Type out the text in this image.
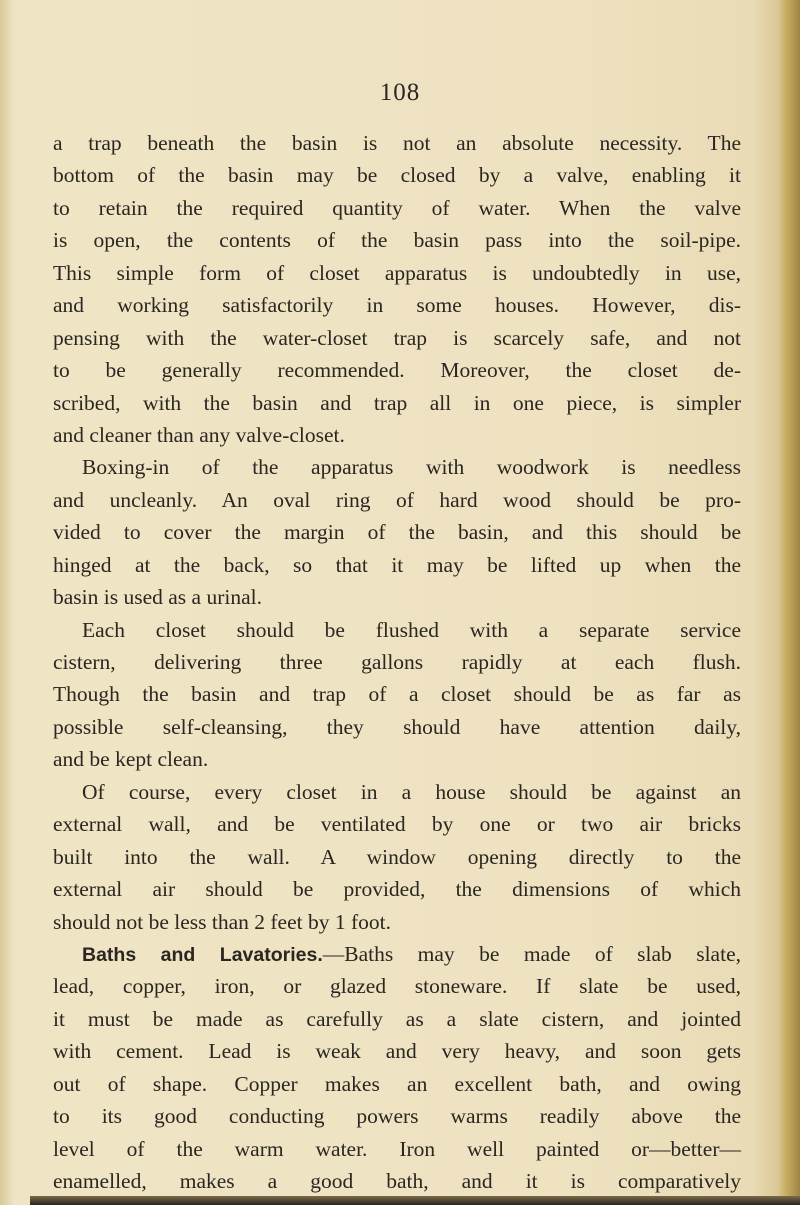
108
a trap beneath the basin is not an absolute necessity. The
bottom of the basin may be closed by a valve, enabling it
to retain the required quantity of water. When the valve
is open, the contents of the basin pass into the soil-pipe.
This simple form of closet apparatus is undoubtedly in use,
and working satisfactorily in some houses. However, dis-
pensing with the water-closet trap is scarcely safe, and not
to be generally recommended. Moreover, the closet de-
scribed, with the basin and trap all in one piece, is simpler
and cleaner than any valve-closet.
Boxing-in of the apparatus with woodwork is needless
and uncleanly. An oval ring of hard wood should be pro-
vided to cover the margin of the basin, and this should be
hinged at the back, so that it may be lifted up when the
basin is used as a urinal.
Each closet should be flushed with a separate service
cistern, delivering three gallons rapidly at each flush.
Though the basin and trap of a closet should be as far as
possible self-cleansing, they should have attention daily,
and be kept clean.
Of course, every closet in a house should be against an
external wall, and be ventilated by one or two air bricks
built into the wall. A window opening directly to the
external air should be provided, the dimensions of which
should not be less than 2 feet by 1 foot.
Baths and Lavatories.—Baths may be made of slab slate,
lead, copper, iron, or glazed stoneware. If slate be used,
it must be made as carefully as a slate cistern, and jointed
with cement. Lead is weak and very heavy, and soon gets
out of shape. Copper makes an excellent bath, and owing
to its good conducting powers warms readily above the
level of the warm water. Iron well painted or—better—
enamelled, makes a good bath, and it is comparatively
